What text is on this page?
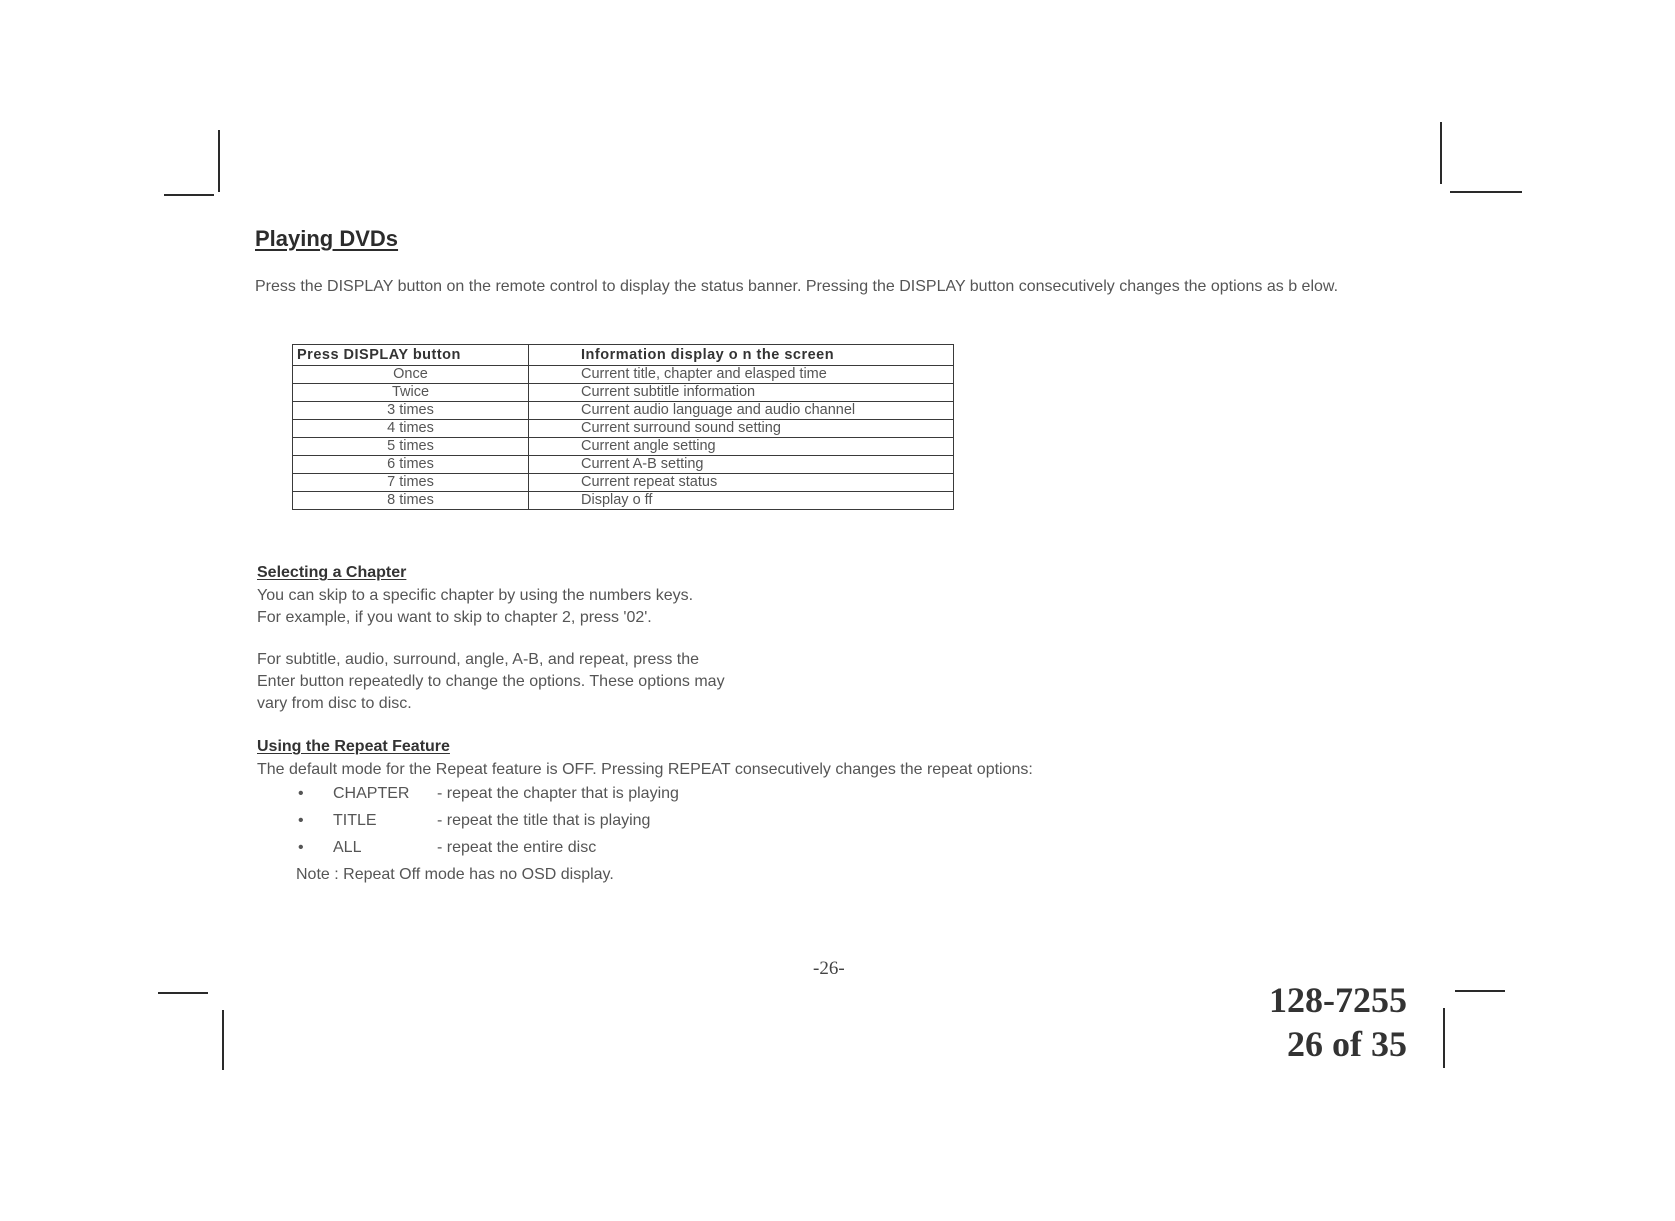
Playing DVDs
Press the DISPLAY button on the remote control to display the status banner. Pressing the DISPLAY button consecutively changes the options as b elow.
Press DISPLAY button	Information display o n the screen
Once	Current title, chapter and elasped time
Twice	Current subtitle information
3 times	Current audio language and audio channel
4 times	Current surround sound setting
5 times	Current angle setting
6 times	Current A-B setting
7 times	Current repeat status
8 times	Display o ff
Selecting a Chapter
You can skip to a specific chapter by using the numbers keys.
For example, if you want to skip to chapter 2, press '02'.
For subtitle, audio, surround, angle, A-B, and repeat, press the
Enter button repeatedly to change the options. These options may
vary from disc to disc.
Using the Repeat Feature
The default mode for the Repeat feature is OFF. Pressing REPEAT consecutively changes the repeat options:
• CHAPTER - repeat the chapter that is playing
• TITLE	- repeat the title that is playing
• ALL	- repeat the entire disc
Note : Repeat Off mode has no OSD display.
-26-
128-7255
26 of 35
